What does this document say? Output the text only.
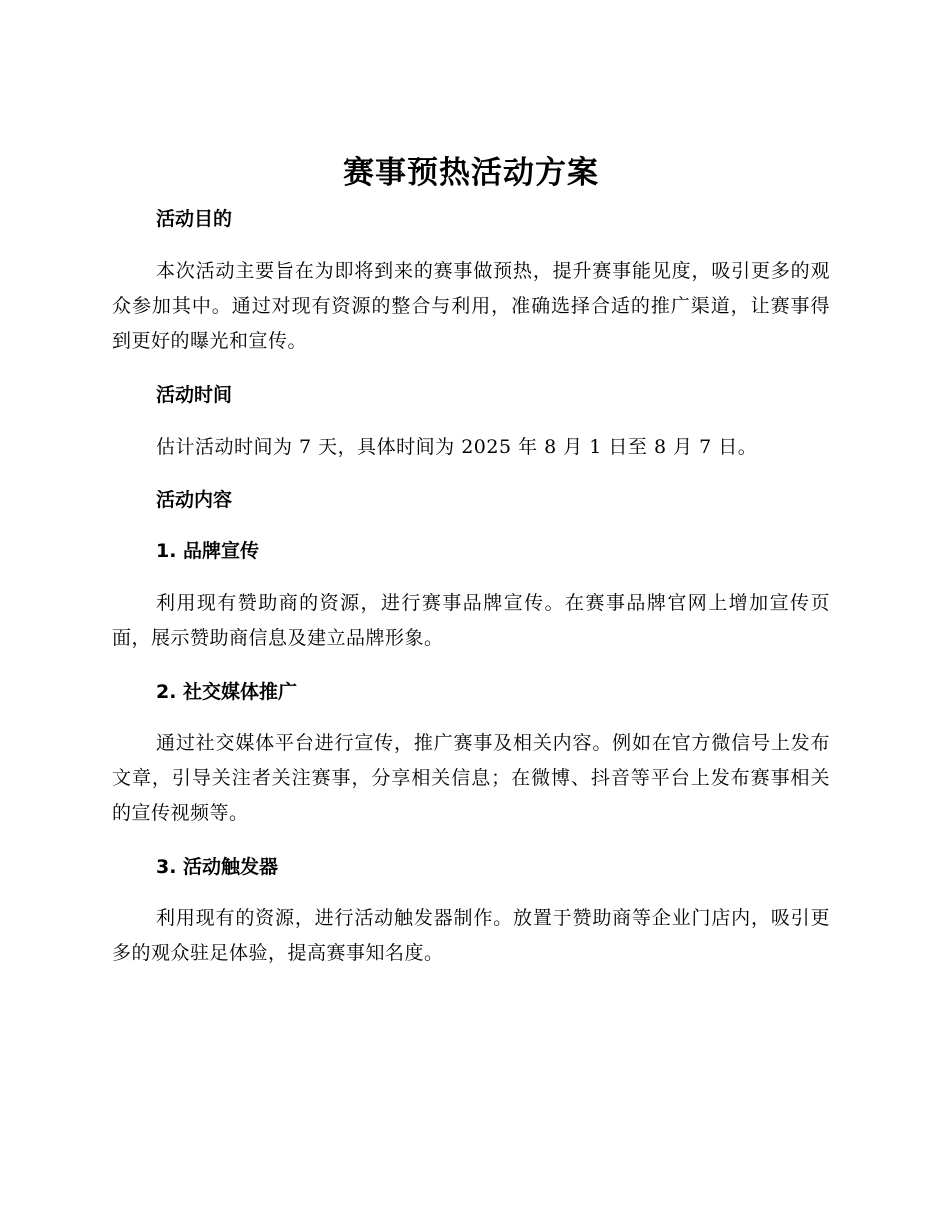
赛事预热活动方案
活动目的

本次活动主要旨在为即将到来的赛事做预热，提升赛事能见度，吸引更多的观众参加其中。通过对现有资源的整合与利用，准确选择合适的推广渠道，让赛事得到更好的曝光和宣传。

活动时间

估计活动时间为 7 天，具体时间为 2025 年 8 月 1 日至 8 月 7 日。

活动内容
1. 品牌宣传

利用现有赞助商的资源，进行赛事品牌宣传。在赛事品牌官网上增加宣传页面，展示赞助商信息及建立品牌形象。

2. 社交媒体推广

通过社交媒体平台进行宣传，推广赛事及相关内容。例如在官方微信号上发布文章，引导关注者关注赛事，分享相关信息；在微博、抖音等平台上发布赛事相关的宣传视频等。

3. 活动触发器

利用现有的资源，进行活动触发器制作。放置于赞助商等企业门店内，吸引更多的观众驻足体验，提高赛事知名度。
